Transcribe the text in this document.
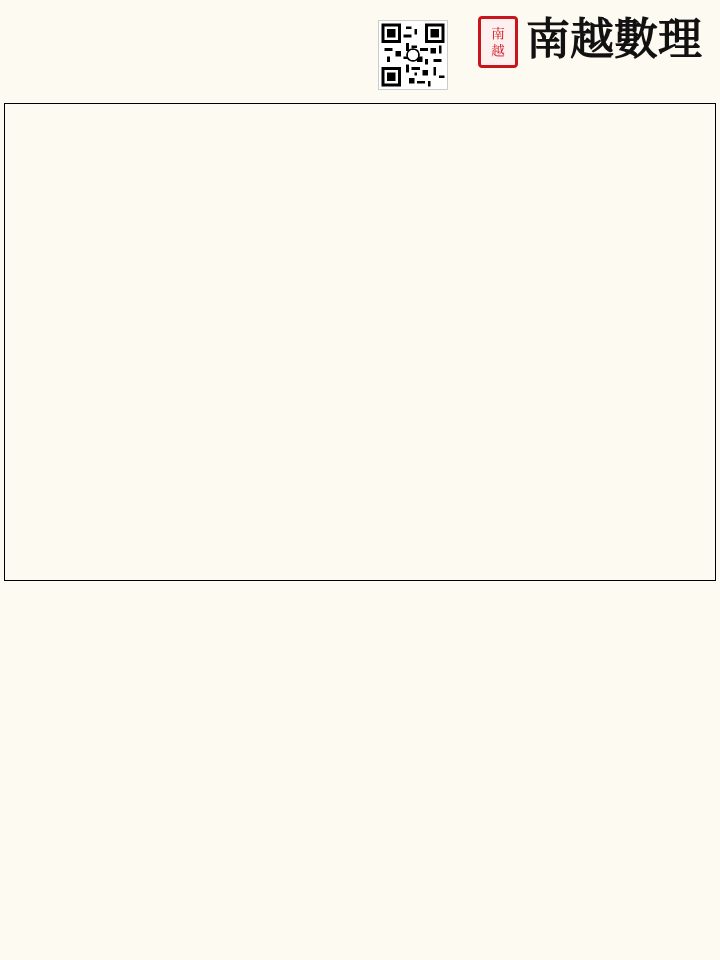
南
越 南越數理
